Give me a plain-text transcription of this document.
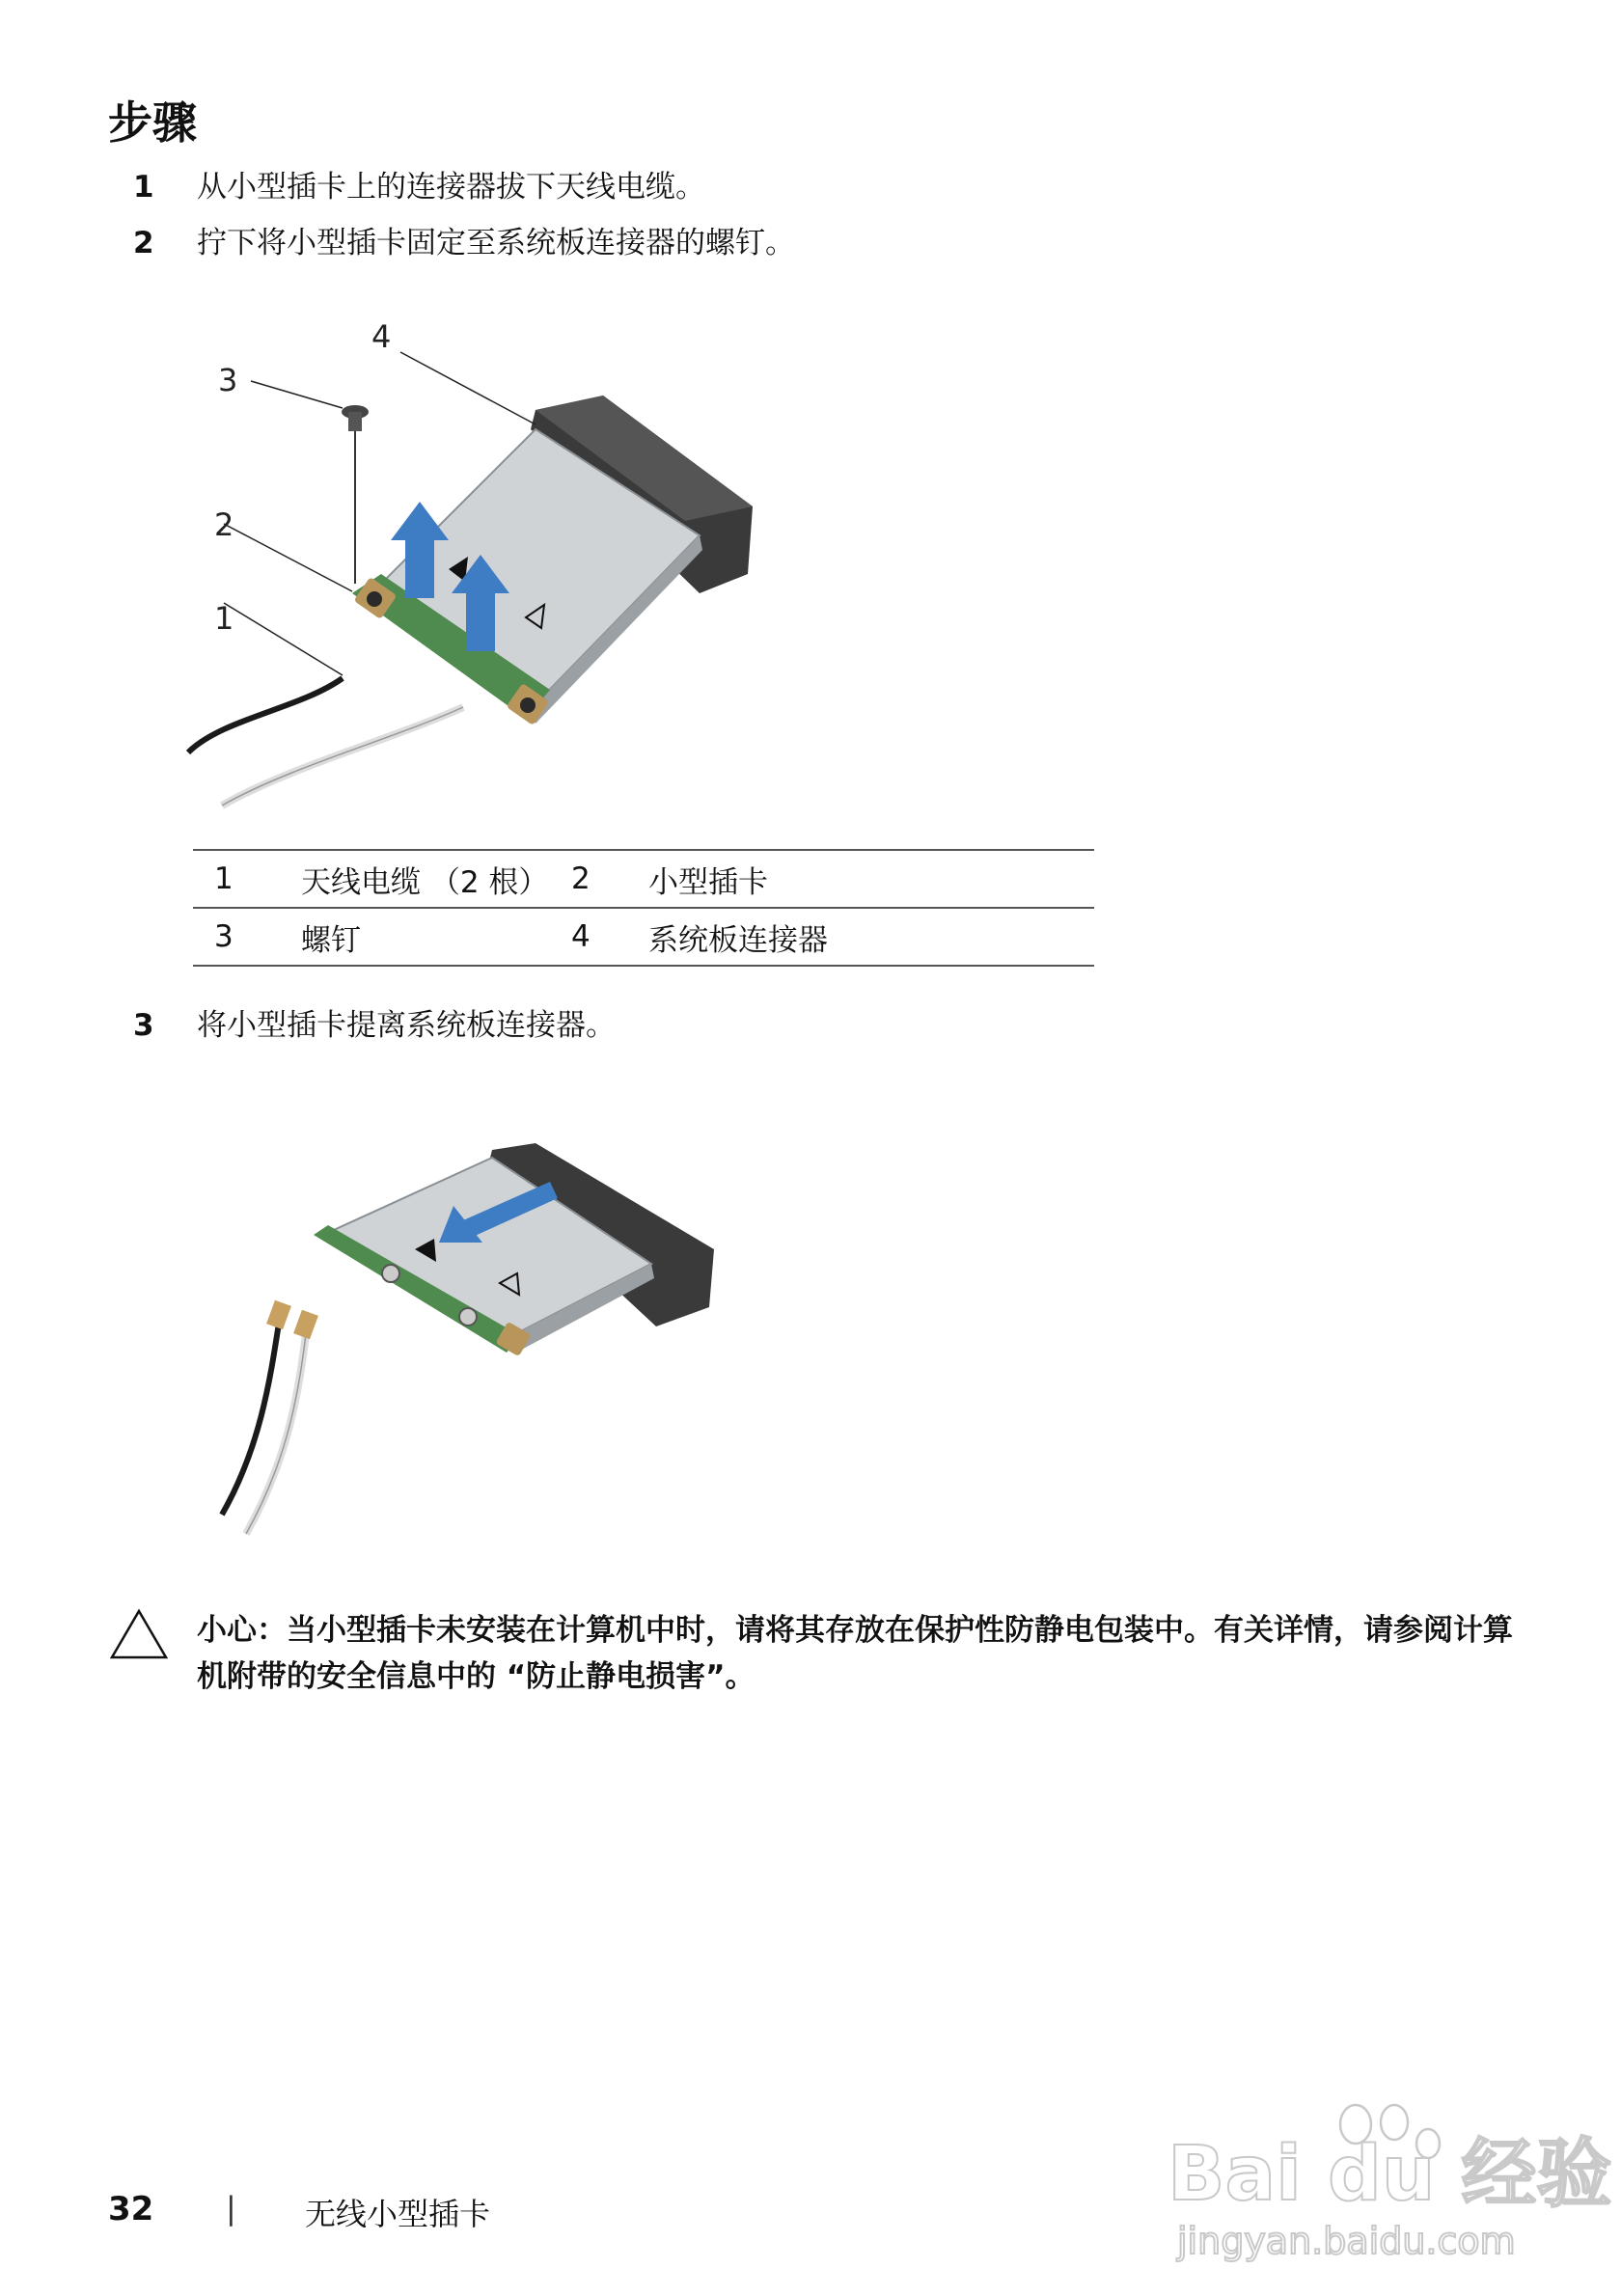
步骤
1 从小型插卡上的连接器拔下天线电缆。
2 拧下将小型插卡固定至系统板连接器的螺钉。
1
2
3
4
1	天线电缆 （2 根）	2	小型插卡
3	螺钉	4	系统板连接器
3 将小型插卡提离系统板连接器。
小心：当小型插卡未安装在计算机中时，请将其存放在保护性防静电包装中。有关详情，请参阅计算机附带的安全信息中的 “防止静电损害”。
32 | 无线小型插卡	Bai du 经验
jingyan.baidu.com
